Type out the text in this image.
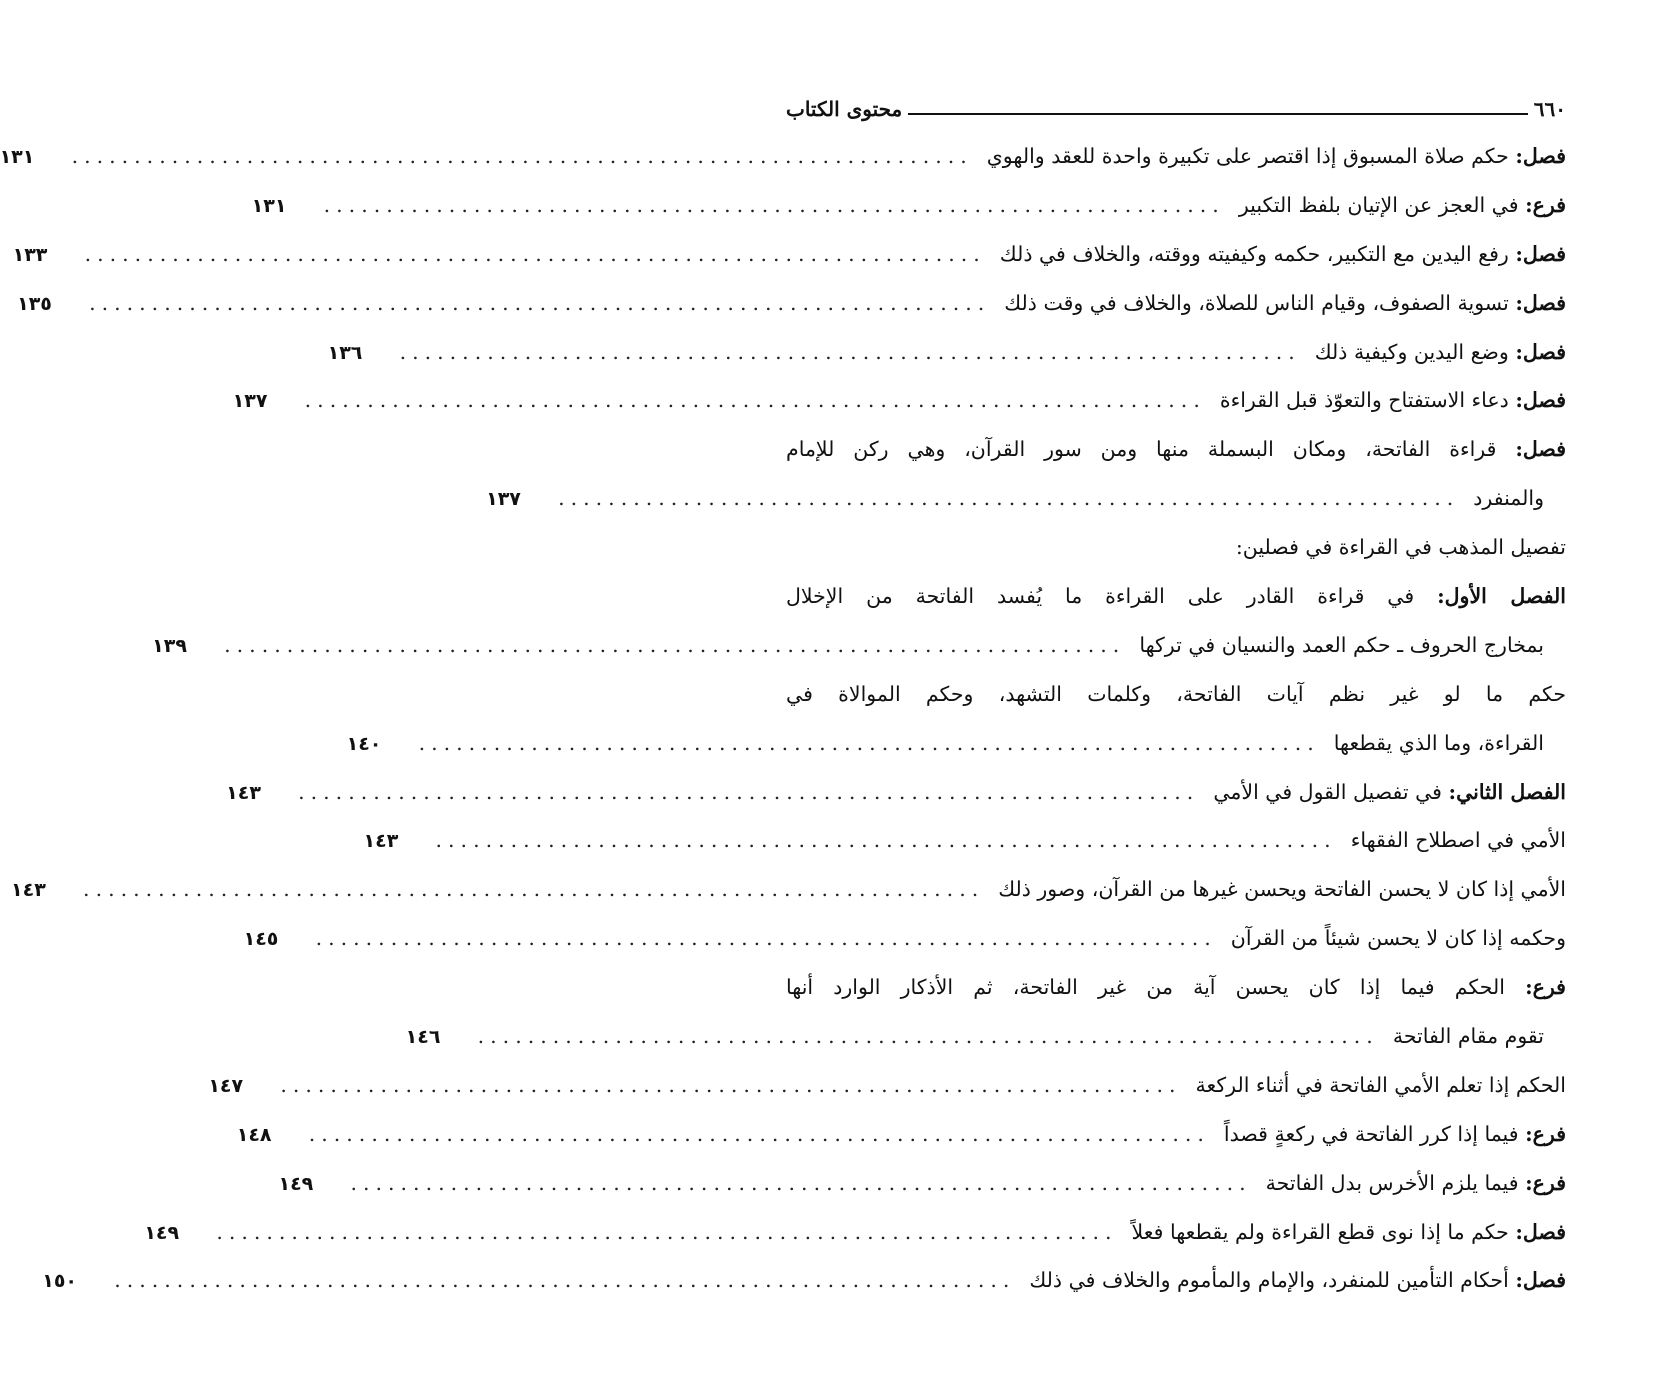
٦٦٠
محتوى الكتاب
فصل: حكم صلاة المسبوق إذا اقتصر على تكبيرة واحدة للعقد والهوي
........................................................................
١٣١
فرع: في العجز عن الإتيان بلفظ التكبير
........................................................................
١٣١
فصل: رفع اليدين مع التكبير، حكمه وكيفيته ووقته، والخلاف في ذلك
........................................................................
١٣٣
فصل: تسوية الصفوف، وقيام الناس للصلاة، والخلاف في وقت ذلك
........................................................................
١٣٥
فصل: وضع اليدين وكيفية ذلك
........................................................................
١٣٦
فصل: دعاء الاستفتاح والتعوّذ قبل القراءة
........................................................................
١٣٧
فصل: قراءة الفاتحة، ومكان البسملة منها ومن سور القرآن، وهي ركن للإمام
والمنفرد
........................................................................
١٣٧
تفصيل المذهب في القراءة في فصلين:
الفصل الأول: في قراءة القادر على القراءة ما يُفسد الفاتحة من الإخلال
بمخارج الحروف ـ حكم العمد والنسيان في تركها
........................................................................
١٣٩
حكم ما لو غير نظم آيات الفاتحة، وكلمات التشهد، وحكم الموالاة في
القراءة، وما الذي يقطعها
........................................................................
١٤٠
الفصل الثاني: في تفصيل القول في الأمي
........................................................................
١٤٣
الأمي في اصطلاح الفقهاء
........................................................................
١٤٣
الأمي إذا كان لا يحسن الفاتحة ويحسن غيرها من القرآن، وصور ذلك
........................................................................
١٤٣
وحكمه إذا كان لا يحسن شيئاً من القرآن
........................................................................
١٤٥
فرع: الحكم فيما إذا كان يحسن آية من غير الفاتحة، ثم الأذكار الوارد أنها
تقوم مقام الفاتحة
........................................................................
١٤٦
الحكم إذا تعلم الأمي الفاتحة في أثناء الركعة
........................................................................
١٤٧
فرع: فيما إذا كرر الفاتحة في ركعةٍ قصداً
........................................................................
١٤٨
فرع: فيما يلزم الأخرس بدل الفاتحة
........................................................................
١٤٩
فصل: حكم ما إذا نوى قطع القراءة ولم يقطعها فعلاً
........................................................................
١٤٩
فصل: أحكام التأمين للمنفرد، والإمام والمأموم والخلاف في ذلك
........................................................................
١٥٠
